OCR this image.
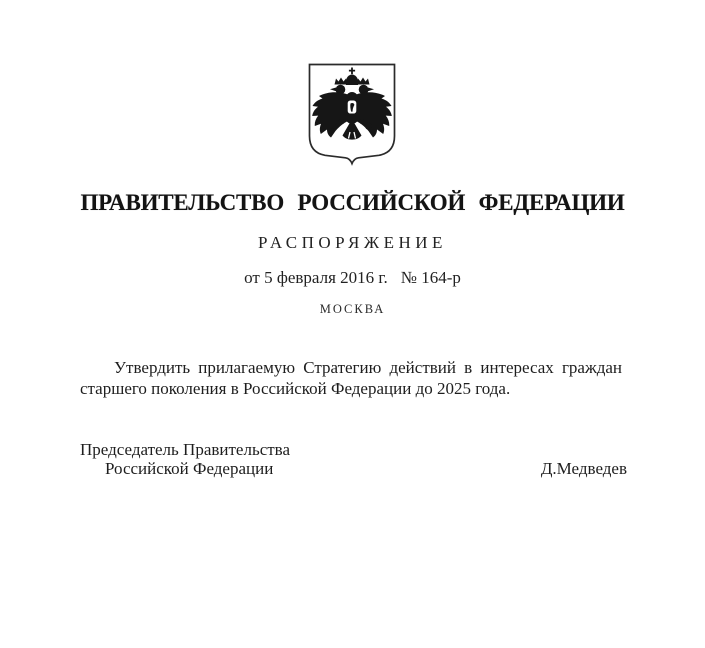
ПРАВИТЕЛЬСТВО РОССИЙСКОЙ ФЕДЕРАЦИИ
РАСПОРЯЖЕНИЕ
от 5 февраля 2016 г. № 164-р
МОСКВА
Утвердить прилагаемую Стратегию действий в интересах граждан старшего поколения в Российской Федерации до 2025 года.
Председатель Правительства
Российской Федерации	Д.Медведев
